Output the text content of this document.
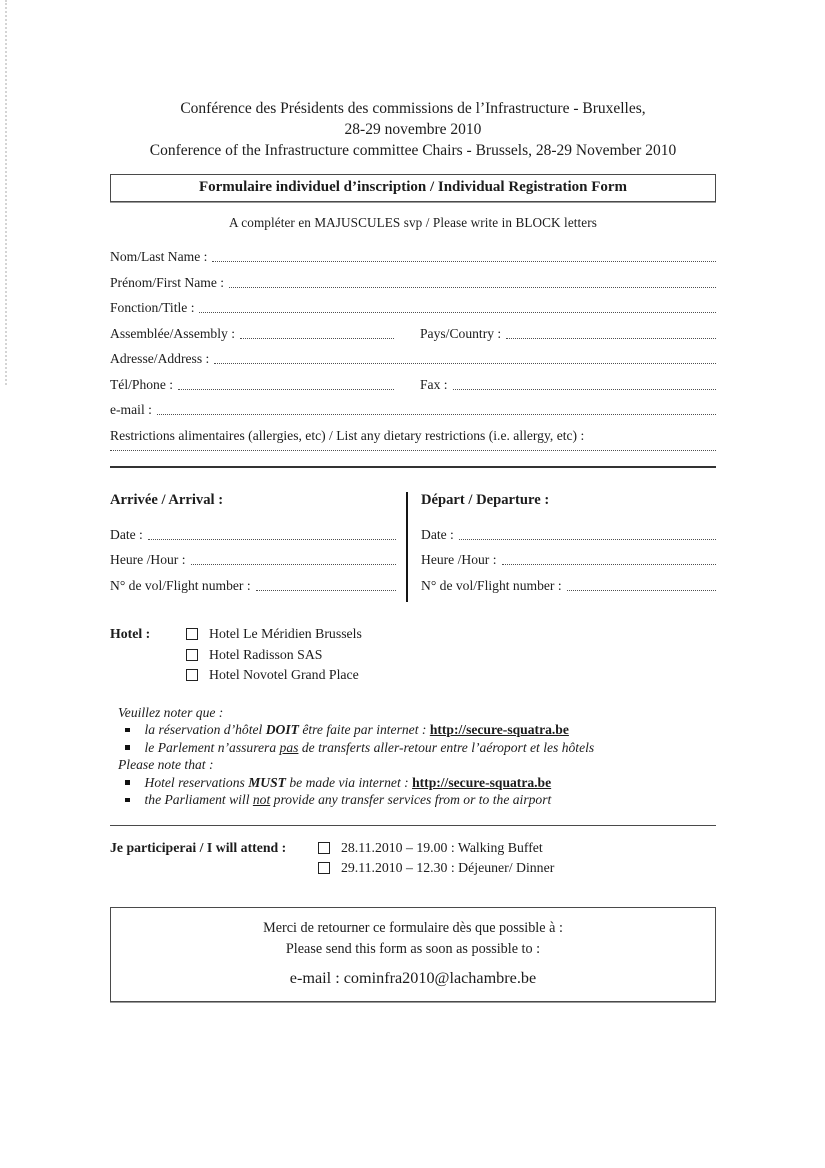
Conférence des Présidents des commissions de l’Infrastructure - Bruxelles,
28-29 novembre 2010
Conference of the Infrastructure committee Chairs - Brussels, 28-29 November 2010
Formulaire individuel d’inscription / Individual Registration Form
A compléter en MAJUSCULES svp / Please write in BLOCK letters
Nom/Last Name :
Prénom/First Name :
Fonction/Title :
Assemblée/Assembly :	Pays/Country :
Adresse/Address :
Tél/Phone :	Fax :
e-mail :
Restrictions alimentaires (allergies, etc) / List any dietary restrictions (i.e. allergy, etc) :
Arrivée / Arrival :
Date :
Heure /Hour :
N° de vol/Flight number :
Départ / Departure :
Date :
Heure /Hour :
N° de vol/Flight number :
Hotel :	Hotel Le Méridien Brussels
Hotel Radisson SAS
Hotel Novotel Grand Place
Veuillez noter que :
la réservation d’hôtel DOIT être faite par internet : http://secure-squatra.be
le Parlement n’assurera pas de transferts aller-retour entre l’aéroport et les hôtels
Please note that :
Hotel reservations MUST be made via internet : http://secure-squatra.be
the Parliament will not provide any transfer services from or to the airport
Je participerai / I will attend :	28.11.2010 – 19.00 : Walking Buffet
29.11.2010 – 12.30 : Déjeuner/ Dinner
Merci de retourner ce formulaire dès que possible à :
Please send this form as soon as possible to :
e-mail : cominfra2010@lachambre.be
